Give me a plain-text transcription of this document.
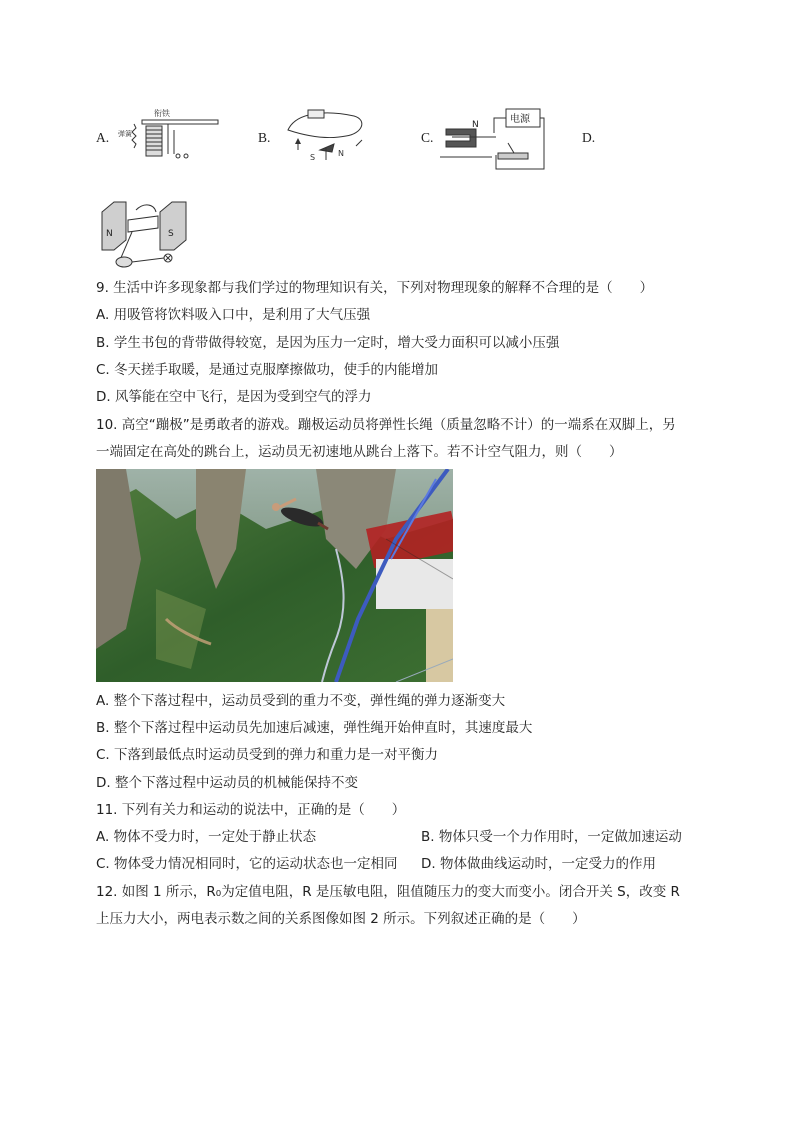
A.
衔铁
弹簧	B.
S	N
C.
电源
N
D.
N	S
9. 生活中许多现象都与我们学过的物理知识有关，下列对物理现象的解释不合理的是（　　）
A. 用吸管将饮料吸入口中，是利用了大气压强
B. 学生书包的背带做得较宽，是因为压力一定时，增大受力面积可以减小压强
C. 冬天搓手取暖，是通过克服摩擦做功，使手的内能增加
D. 风筝能在空中飞行，是因为受到空气的浮力
10. 高空“蹦极”是勇敢者的游戏。蹦极运动员将弹性长绳（质量忽略不计）的一端系在双脚上，另
一端固定在高处的跳台上，运动员无初速地从跳台上落下。若不计空气阻力，则（　　）
A. 整个下落过程中，运动员受到的重力不变，弹性绳的弹力逐渐变大
B. 整个下落过程中运动员先加速后减速，弹性绳开始伸直时，其速度最大
C. 下落到最低点时运动员受到的弹力和重力是一对平衡力
D. 整个下落过程中运动员的机械能保持不变
11. 下列有关力和运动的说法中，正确的是（　　）
A. 物体不受力时，一定处于静止状态	B. 物体只受一个力作用时，一定做加速运动
C. 物体受力情况相同时，它的运动状态也一定相同 D. 物体做曲线运动时，一定受力的作用
12. 如图 1 所示，R₀为定值电阻，R 是压敏电阻，阻值随压力的变大而变小。闭合开关 S，改变 R
上压力大小，两电表示数之间的关系图像如图 2 所示。下列叙述正确的是（　　）
